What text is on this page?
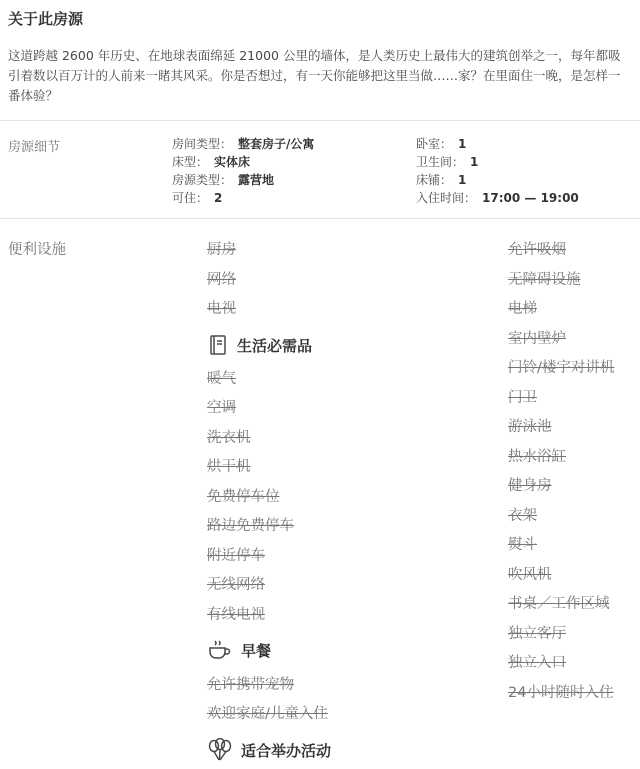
关于此房源
这道跨越 2600 年历史、在地球表面绵延 21000 公里的墙体，是人类历史上最伟大的建筑创举之一，每年都吸引着数以百万计的人前来一睹其风采。你是否想过，有一天你能够把这里当做……家？在里面住一晚，是怎样一番体验？
房源细节	房间类型： 整套房子/公寓
床型： 实体床
房源类型： 露营地
可住： 2
卧室： 1
卫生间： 1
床铺： 1
入住时间： 17:00 — 19:00
便利设施	厨房
网络
电视
生活必需品
暖气
空调
洗衣机
烘干机
免费停车位
路边免费停车
附近停车
无线网络
有线电视
早餐
允许携带宠物
欢迎家庭/儿童入住
适合举办活动
允许吸烟
无障碍设施
电梯
室内壁炉
门铃/楼宇对讲机
门卫
游泳池
热水浴缸
健身房
衣架
熨斗
吹风机
书桌／工作区域
独立客厅
独立入口
24小时随时入住
